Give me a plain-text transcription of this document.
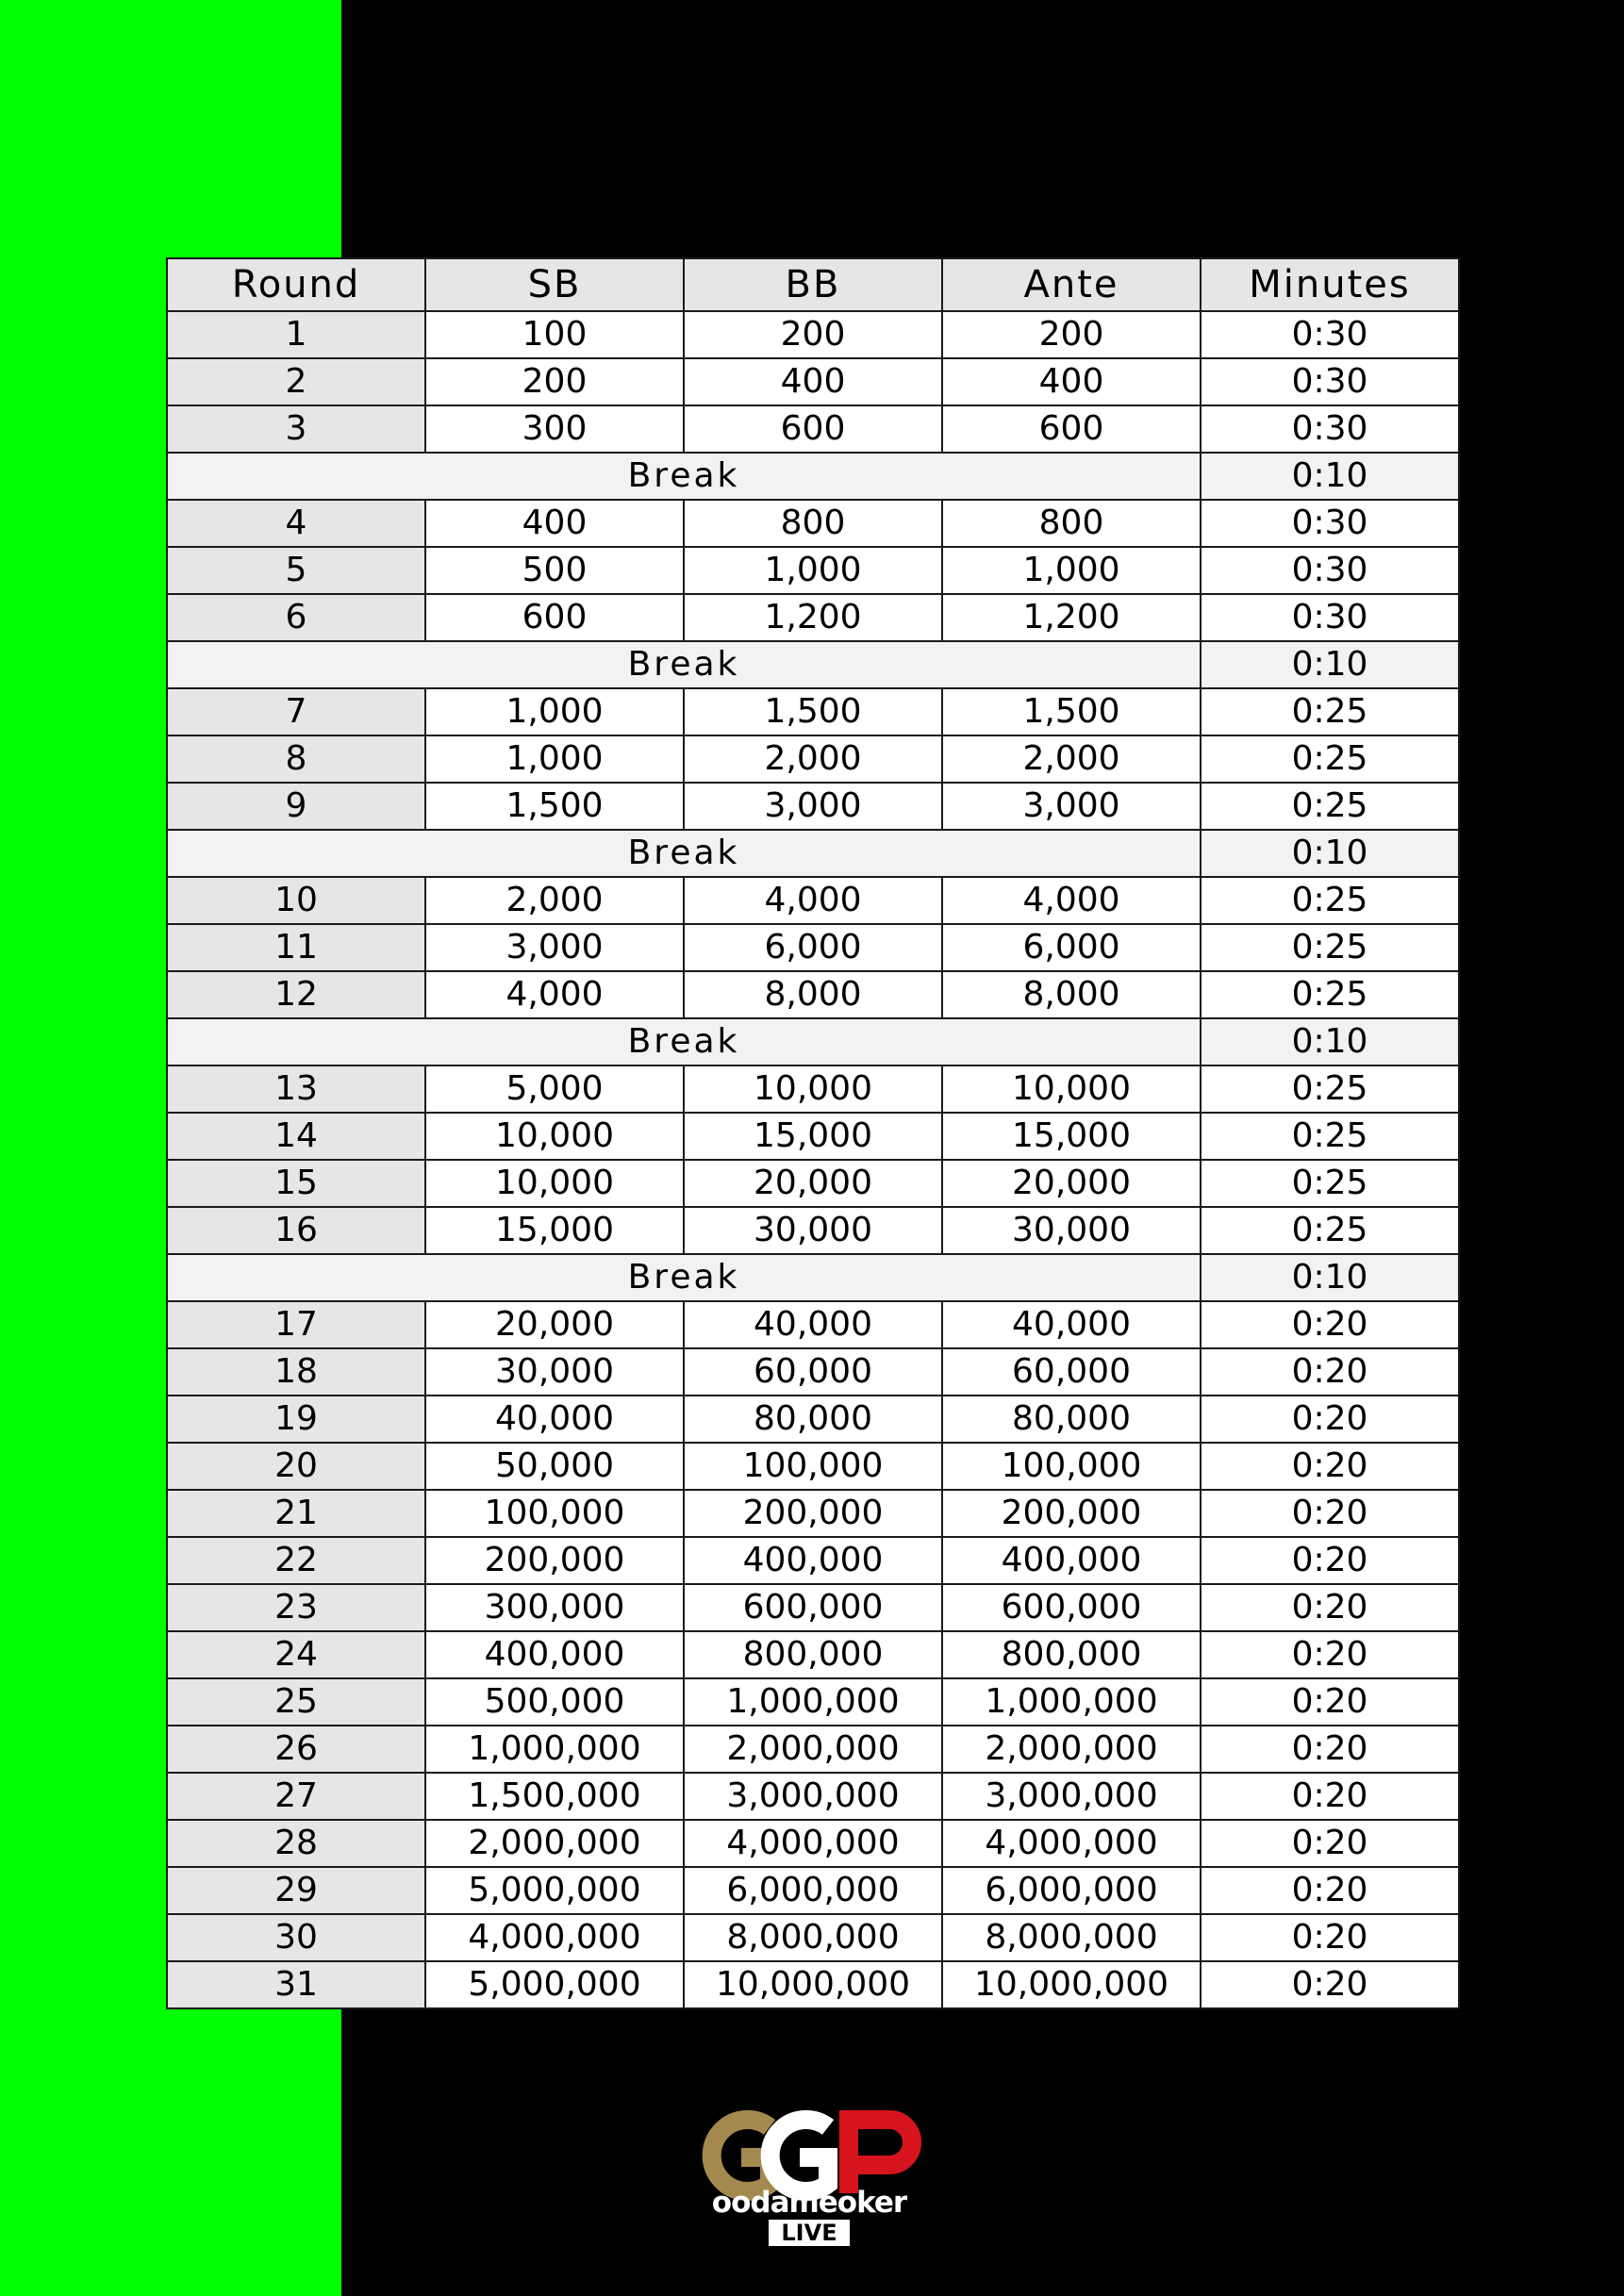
Round	SB	BB	Ante	Minutes
1	100	200	200	0:30
2	200	400	400	0:30
3	300	600	600	0:30
Break				0:10
4	400	800	800	0:30
5	500	1,000	1,000	0:30
6	600	1,200	1,200	0:30
Break				0:10
7	1,000	1,500	1,500	0:25
8	1,000	2,000	2,000	0:25
9	1,500	3,000	3,000	0:25
Break				0:10
10	2,000	4,000	4,000	0:25
11	3,000	6,000	6,000	0:25
12	4,000	8,000	8,000	0:25
Break				0:10
13	5,000	10,000	10,000	0:25
14	10,000	15,000	15,000	0:25
15	10,000	20,000	20,000	0:25
16	15,000	30,000	30,000	0:25
Break				0:10
17	20,000	40,000	40,000	0:20
18	30,000	60,000	60,000	0:20
19	40,000	80,000	80,000	0:20
20	50,000	100,000	100,000	0:20
21	100,000	200,000	200,000	0:20
22	200,000	400,000	400,000	0:20
23	300,000	600,000	600,000	0:20
24	400,000	800,000	800,000	0:20
25	500,000	1,000,000	1,000,000	0:20
26	1,000,000	2,000,000	2,000,000	0:20
27	1,500,000	3,000,000	3,000,000	0:20
28	2,000,000	4,000,000	4,000,000	0:20
29	5,000,000	6,000,000	6,000,000	0:20
30	4,000,000	8,000,000	8,000,000	0:20
31	5,000,000	10,000,000	10,000,000	0:20
oodameoker
LIVE
